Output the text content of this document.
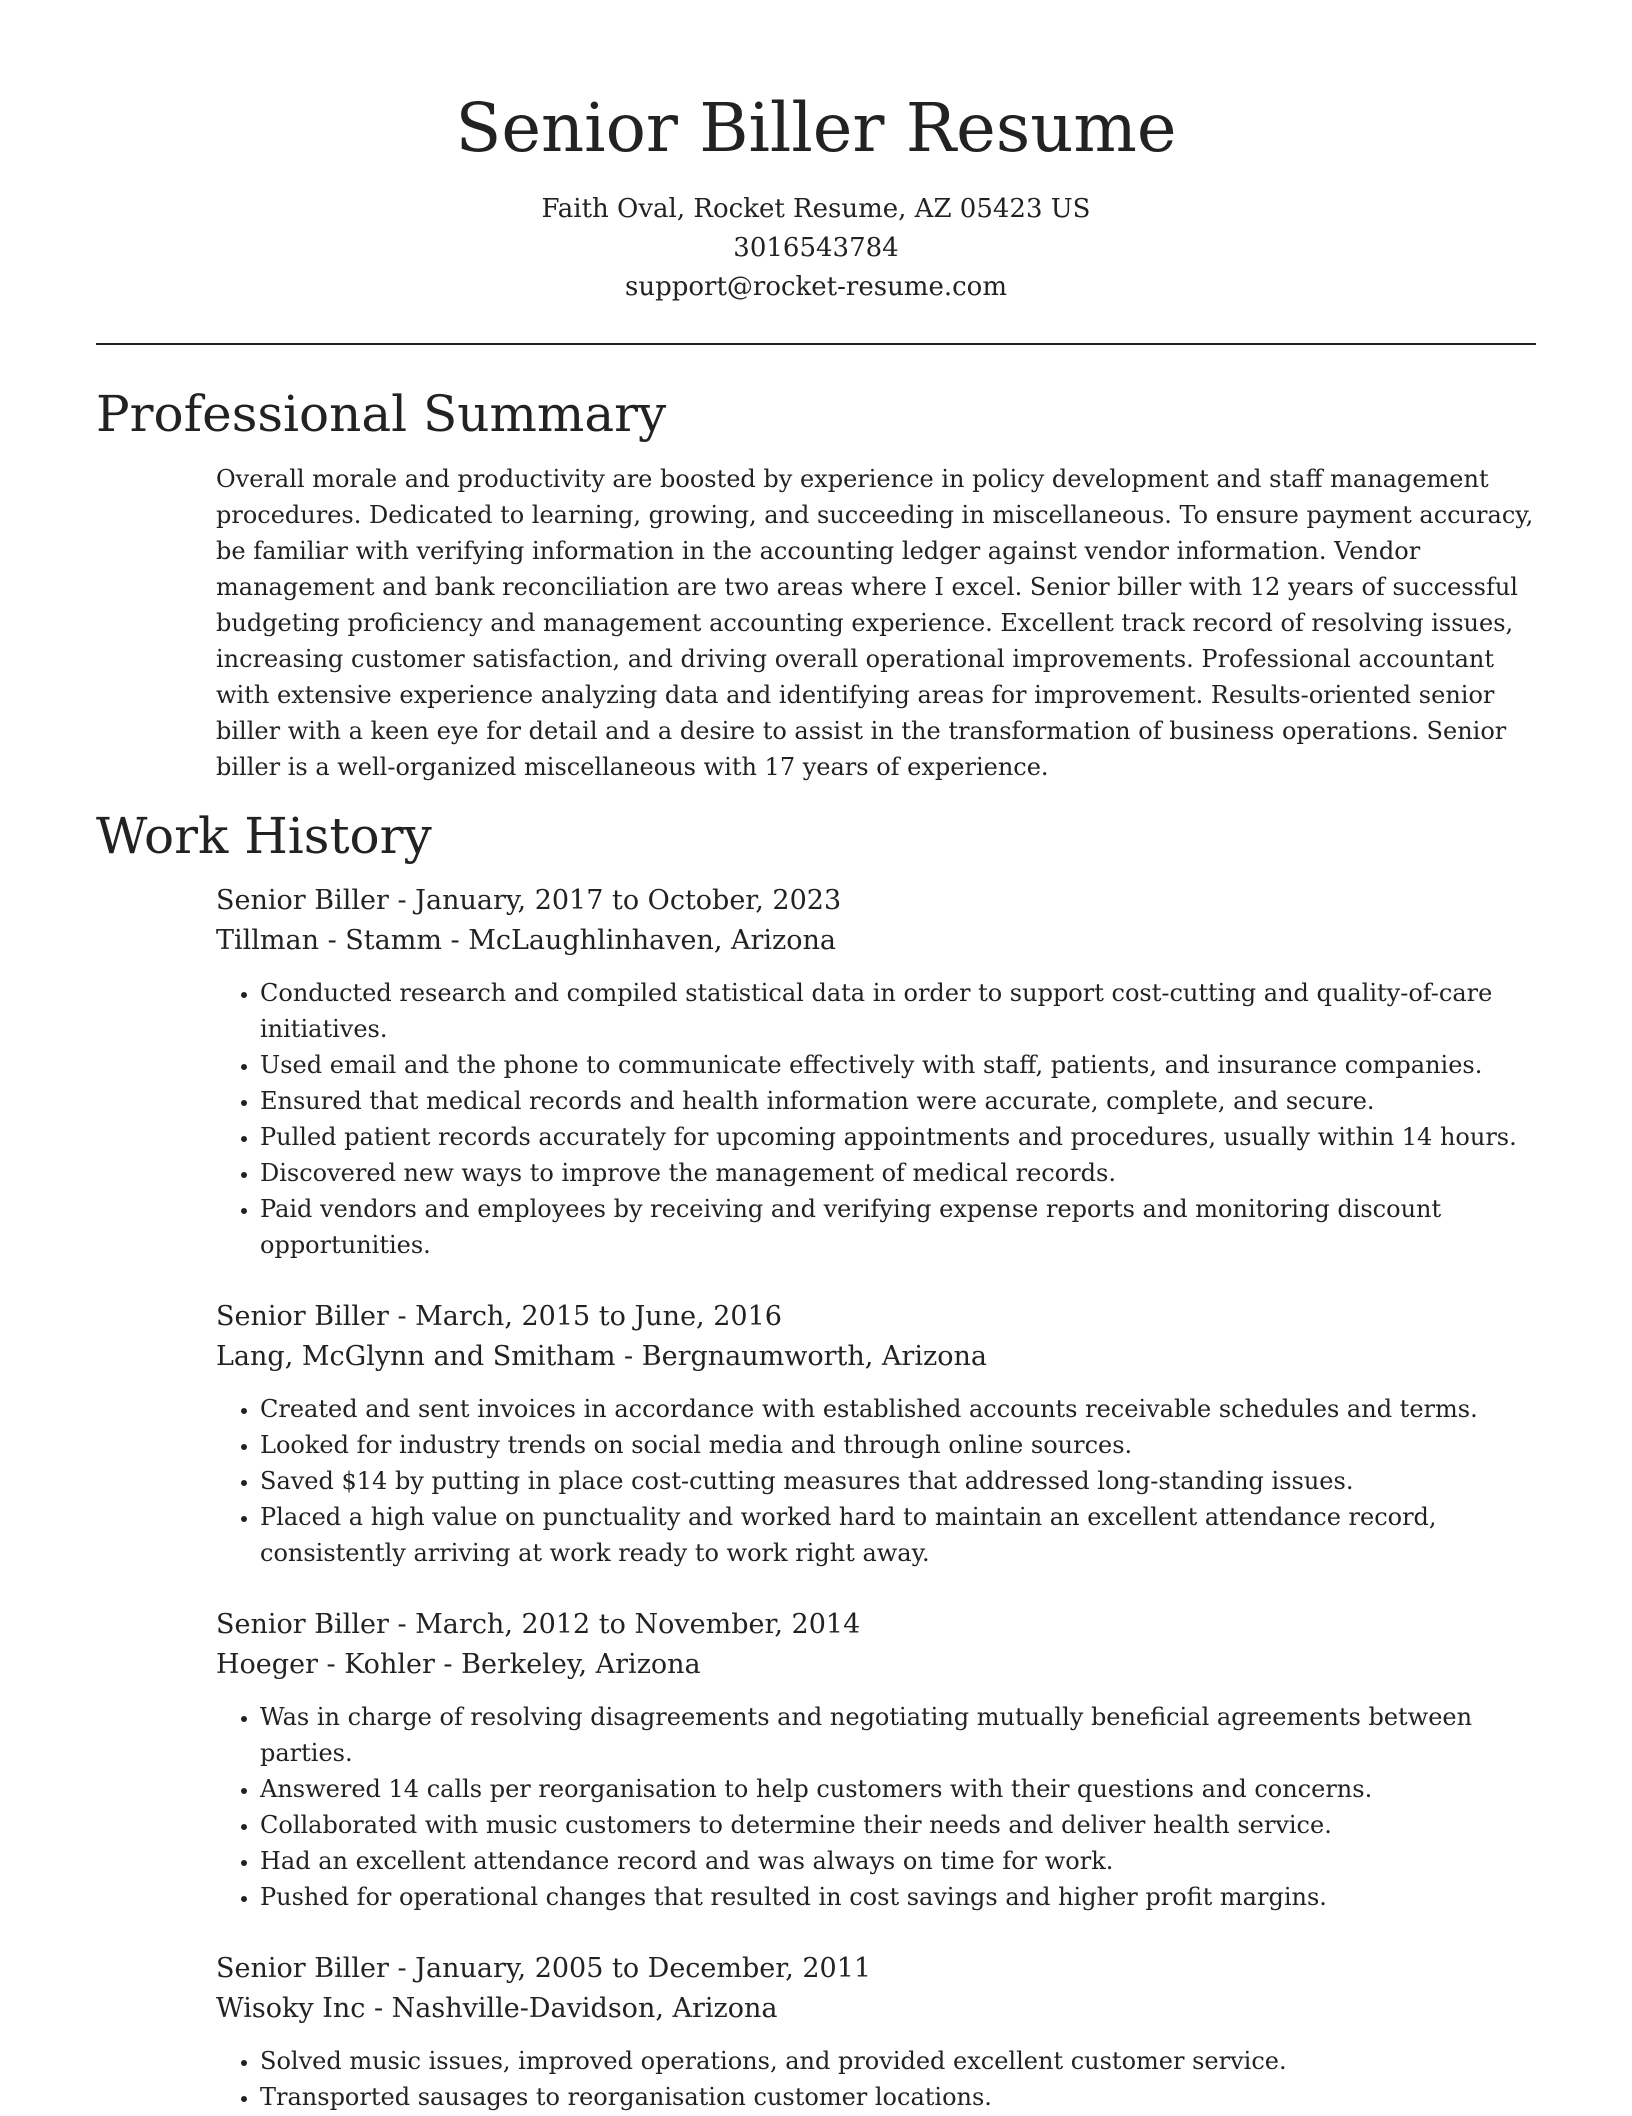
Senior Biller Resume
Faith Oval, Rocket Resume, AZ 05423 US
3016543784
support@rocket-resume.com
Professional Summary

Overall morale and productivity are boosted by experience in policy development and staff management procedures. Dedicated to learning, growing, and succeeding in miscellaneous. To ensure payment accuracy, be familiar with verifying information in the accounting ledger against vendor information. Vendor management and bank reconciliation are two areas where I excel. Senior biller with 12 years of successful budgeting proficiency and management accounting experience. Excellent track record of resolving issues, increasing customer satisfaction, and driving overall operational improvements. Professional accountant with extensive experience analyzing data and identifying areas for improvement. Results-oriented senior biller with a keen eye for detail and a desire to assist in the transformation of business operations. Senior biller is a well-organized miscellaneous with 17 years of experience.

Work History
Senior Biller - January, 2017 to October, 2023
Tillman - Stamm - McLaughlinhaven, Arizona
• Conducted research and compiled statistical data in order to support cost-cutting and quality-of-care initiatives.
• Used email and the phone to communicate effectively with staff, patients, and insurance companies.
• Ensured that medical records and health information were accurate, complete, and secure.
• Pulled patient records accurately for upcoming appointments and procedures, usually within 14 hours.
• Discovered new ways to improve the management of medical records.
• Paid vendors and employees by receiving and verifying expense reports and monitoring discount opportunities.
Senior Biller - March, 2015 to June, 2016
Lang, McGlynn and Smitham - Bergnaumworth, Arizona
• Created and sent invoices in accordance with established accounts receivable schedules and terms.
• Looked for industry trends on social media and through online sources.
• Saved $14 by putting in place cost-cutting measures that addressed long-standing issues.
• Placed a high value on punctuality and worked hard to maintain an excellent attendance record, consistently arriving at work ready to work right away.
Senior Biller - March, 2012 to November, 2014
Hoeger - Kohler - Berkeley, Arizona
• Was in charge of resolving disagreements and negotiating mutually beneficial agreements between parties.
• Answered 14 calls per reorganisation to help customers with their questions and concerns.
• Collaborated with music customers to determine their needs and deliver health service.
• Had an excellent attendance record and was always on time for work.
• Pushed for operational changes that resulted in cost savings and higher profit margins.
Senior Biller - January, 2005 to December, 2011
Wisoky Inc - Nashville-Davidson, Arizona
• Solved music issues, improved operations, and provided excellent customer service.
• Transported sausages to reorganisation customer locations.
